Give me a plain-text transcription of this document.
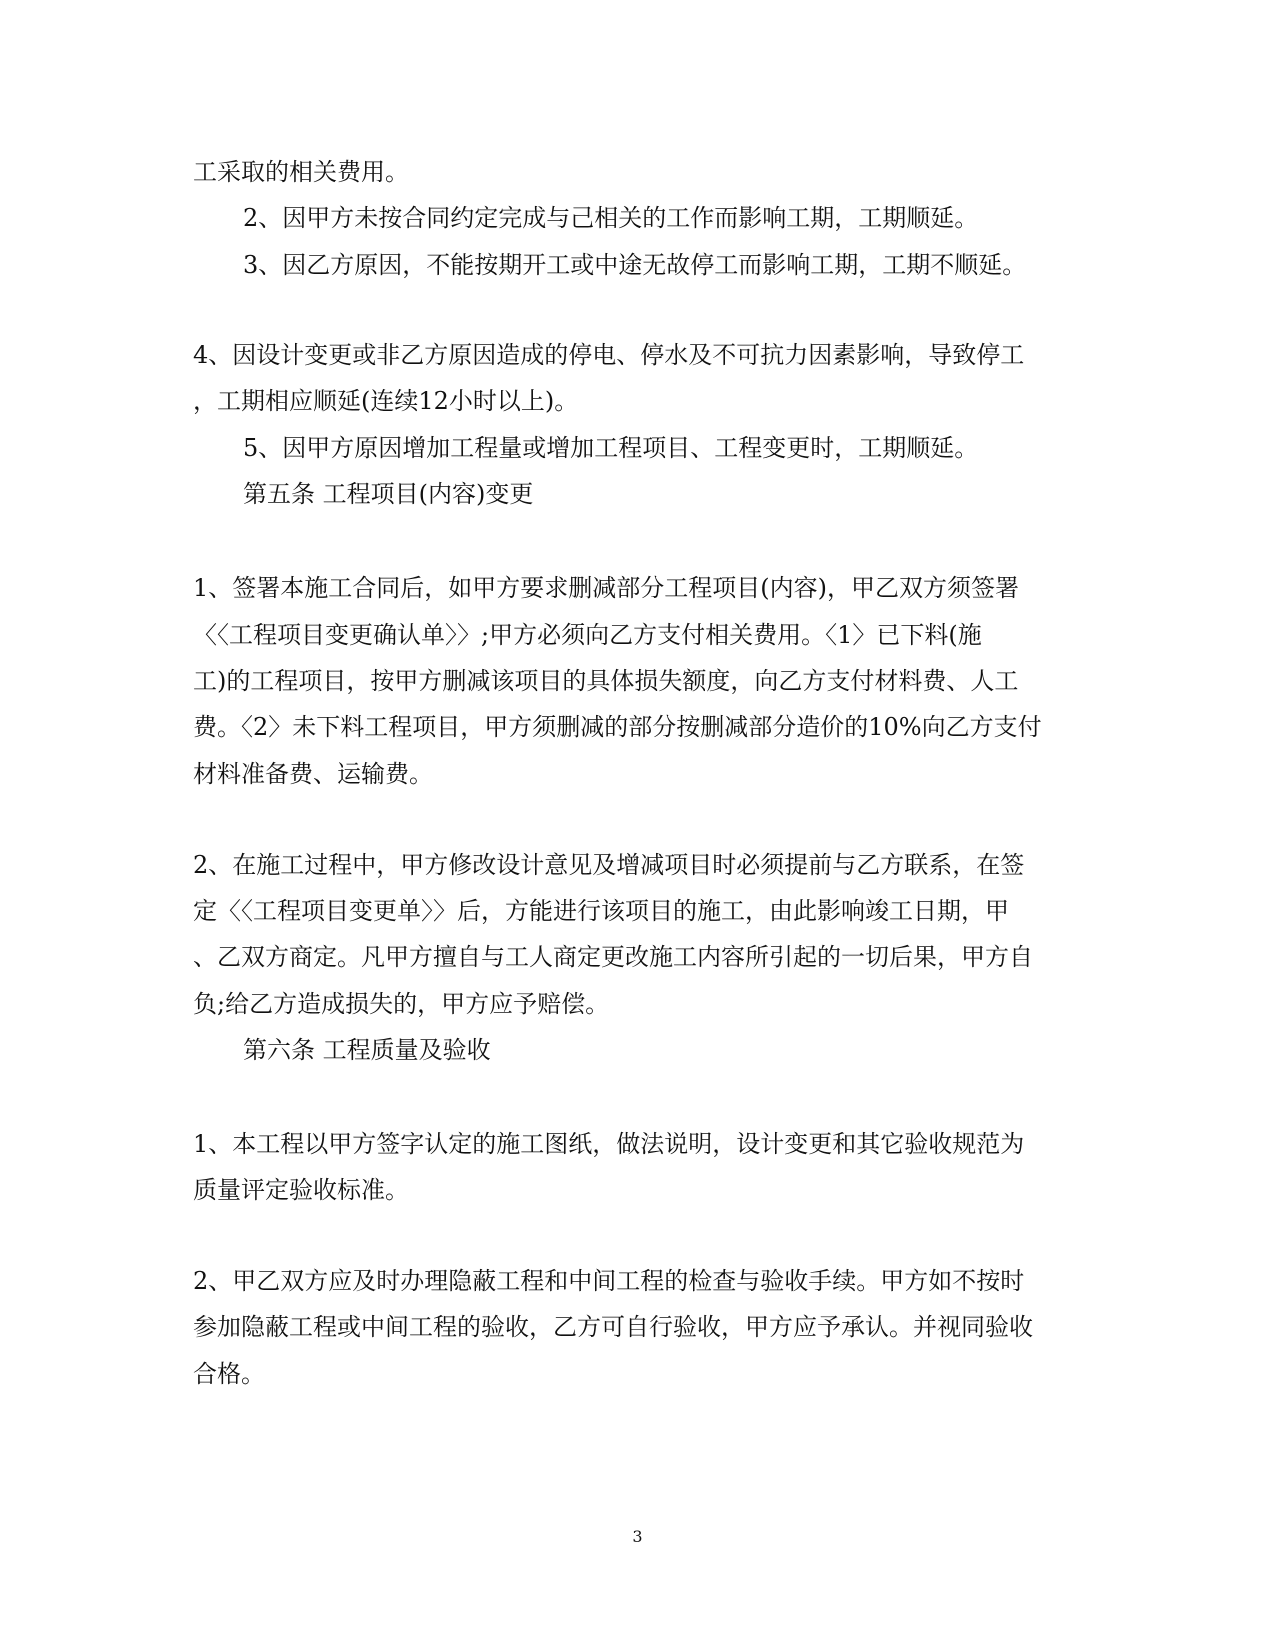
工采取的相关费用。
2、因甲方未按合同约定完成与己相关的工作而影响工期，工期顺延。
3、因乙方原因，不能按期开工或中途无故停工而影响工期，工期不顺延。
4、因设计变更或非乙方原因造成的停电、停水及不可抗力因素影响，导致停工
，工期相应顺延(连续12小时以上)。
5、因甲方原因增加工程量或增加工程项目、工程变更时，工期顺延。
第五条 工程项目(内容)变更
1、签署本施工合同后，如甲方要求删减部分工程项目(内容)，甲乙双方须签署
〈〈工程项目变更确认单〉〉;甲方必须向乙方支付相关费用。〈1〉已下料(施
工)的工程项目，按甲方删减该项目的具体损失额度，向乙方支付材料费、人工
费。〈2〉未下料工程项目，甲方须删减的部分按删减部分造价的10%向乙方支付
材料准备费、运输费。
2、在施工过程中，甲方修改设计意见及增减项目时必须提前与乙方联系，在签
定〈〈工程项目变更单〉〉后，方能进行该项目的施工，由此影响竣工日期，甲
、乙双方商定。凡甲方擅自与工人商定更改施工内容所引起的一切后果，甲方自
负;给乙方造成损失的，甲方应予赔偿。
第六条 工程质量及验收
1、本工程以甲方签字认定的施工图纸，做法说明，设计变更和其它验收规范为
质量评定验收标准。
2、甲乙双方应及时办理隐蔽工程和中间工程的检查与验收手续。甲方如不按时
参加隐蔽工程或中间工程的验收，乙方可自行验收，甲方应予承认。并视同验收
合格。
3
